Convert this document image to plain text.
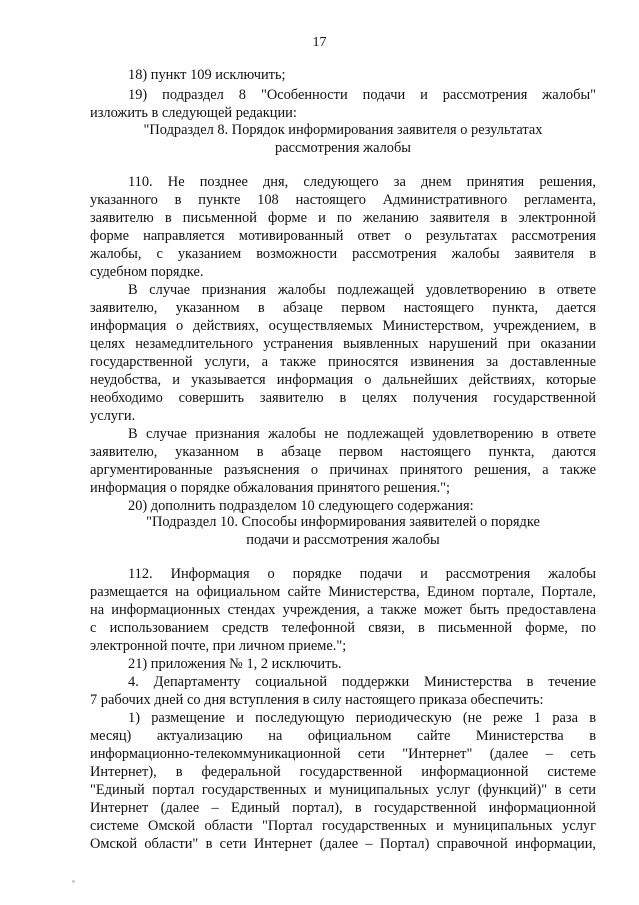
17
18) пункт 109 исключить;
19) подраздел 8 "Особенности подачи и рассмотрения жалобы"
изложить в следующей редакции:
"Подраздел 8. Порядок информирования заявителя о результатах
рассмотрения жалобы
110. Не позднее дня, следующего за днем принятия решения,
указанного в пункте 108 настоящего Административного регламента,
заявителю в письменной форме и по желанию заявителя в электронной
форме направляется мотивированный ответ о результатах рассмотрения
жалобы, с указанием возможности рассмотрения жалобы заявителя в
судебном порядке.
В случае признания жалобы подлежащей удовлетворению в ответе
заявителю, указанном в абзаце первом настоящего пункта, дается
информация о действиях, осуществляемых Министерством, учреждением, в
целях незамедлительного устранения выявленных нарушений при оказании
государственной услуги, а также приносятся извинения за доставленные
неудобства, и указывается информация о дальнейших действиях, которые
необходимо совершить заявителю в целях получения государственной
услуги.
В случае признания жалобы не подлежащей удовлетворению в ответе
заявителю, указанном в абзаце первом настоящего пункта, даются
аргументированные разъяснения о причинах принятого решения, а также
информация о порядке обжалования принятого решения.";
20) дополнить подразделом 10 следующего содержания:
"Подраздел 10. Способы информирования заявителей о порядке
подачи и рассмотрения жалобы
112. Информация о порядке подачи и рассмотрения жалобы
размещается на официальном сайте Министерства, Едином портале, Портале,
на информационных стендах учреждения, а также может быть предоставлена
с использованием средств телефонной связи, в письменной форме, по
электронной почте, при личном приеме.";
21) приложения № 1, 2 исключить.
4. Департаменту социальной поддержки Министерства в течение
7 рабочих дней со дня вступления в силу настоящего приказа обеспечить:
1) размещение и последующую периодическую (не реже 1 раза в
месяц) актуализацию на официальном сайте Министерства в
информационно-телекоммуникационной сети "Интернет" (далее – сеть
Интернет), в федеральной государственной информационной системе
"Единый портал государственных и муниципальных услуг (функций)" в сети
Интернет (далее – Единый портал), в государственной информационной
системе Омской области "Портал государственных и муниципальных услуг
Омской области" в сети Интернет (далее – Портал) справочной информации,
